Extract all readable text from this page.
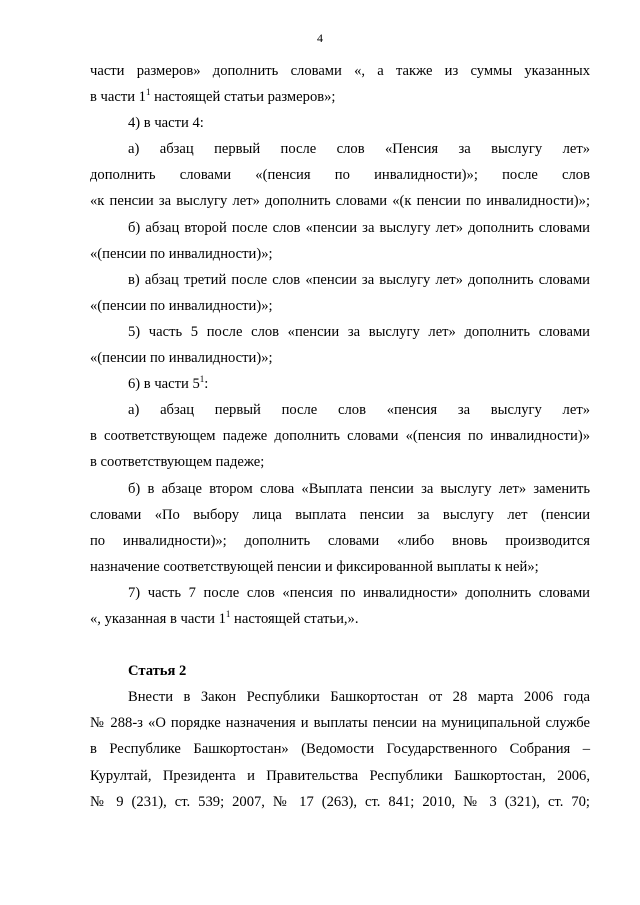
4
части размеров» дополнить словами «, а также из суммы указанных
в части $1^1$ настоящей статьи размеров»;
4) в части 4:
а) абзац первый после слов «Пенсия за выслугу лет»
дополнить словами «(пенсия по инвалидности)»; после слов
«к пенсии за выслугу лет» дополнить словами «(к пенсии по инвалидности)»;
б) абзац второй после слов «пенсии за выслугу лет» дополнить словами
«(пенсии по инвалидности)»;
в) абзац третий после слов «пенсии за выслугу лет» дополнить словами
«(пенсии по инвалидности)»;
5) часть 5 после слов «пенсии за выслугу лет» дополнить словами
«(пенсии по инвалидности)»;
6) в части $5^1$:
а) абзац первый после слов «пенсия за выслугу лет»
в соответствующем падеже дополнить словами «(пенсия по инвалидности)»
в соответствующем падеже;
б) в абзаце втором слова «Выплата пенсии за выслугу лет» заменить
словами «По выбору лица выплата пенсии за выслугу лет (пенсии
по инвалидности)»; дополнить словами «либо вновь производится
назначение соответствующей пенсии и фиксированной выплаты к ней»;
7) часть 7 после слов «пенсия по инвалидности» дополнить словами
«, указанная в части $1^1$ настоящей статьи,».
Статья 2
Внести в Закон Республики Башкортостан от 28 марта 2006 года
№ 288-з «О порядке назначения и выплаты пенсии на муниципальной службе
в Республике Башкортостан» (Ведомости Государственного Собрания –
Курултай, Президента и Правительства Республики Башкортостан, 2006,
№ 9 (231), ст. 539; 2007, № 17 (263), ст. 841; 2010, № 3 (321), ст. 70;
